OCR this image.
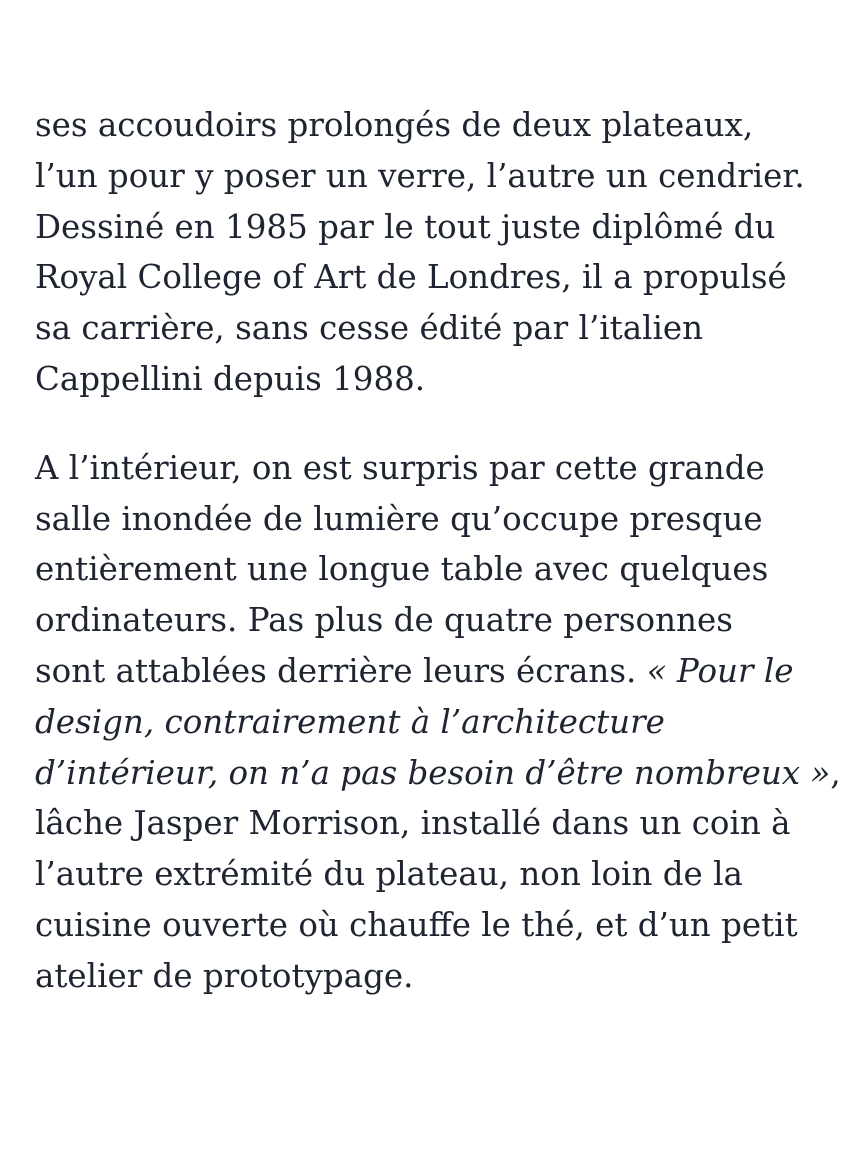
ses accoudoirs prolongés de deux plateaux,
l’un pour y poser un verre, l’autre un cendrier.
Dessiné en 1985 par le tout juste diplômé du
Royal College of Art de Londres, il a propulsé
sa carrière, sans cesse édité par l’italien
Cappellini depuis 1988.

A l’intérieur, on est surpris par cette grande
salle inondée de lumière qu’occupe presque
entièrement une longue table avec quelques
ordinateurs. Pas plus de quatre personnes
sont attablées derrière leurs écrans. « Pour le
design, contrairement à l’architecture
d’intérieur, on n’a pas besoin d’être nombreux »,
lâche Jasper Morrison, installé dans un coin à
l’autre extrémité du plateau, non loin de la
cuisine ouverte où chauffe le thé, et d’un petit
atelier de prototypage.
